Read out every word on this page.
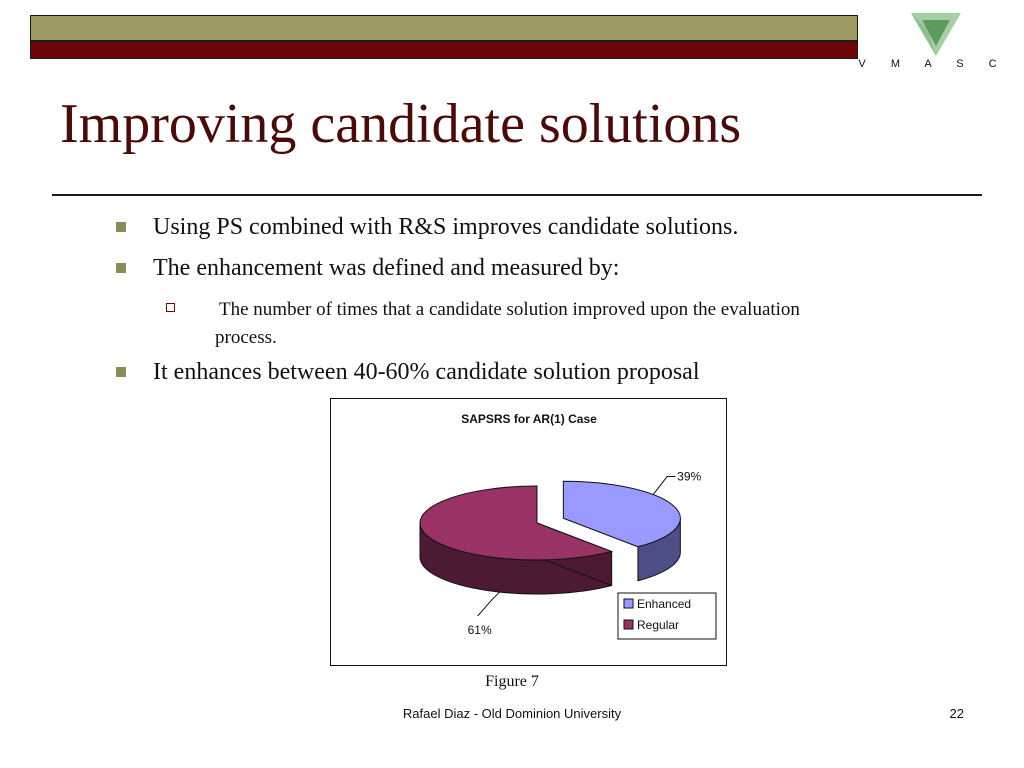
V M A S C
Improving candidate solutions
Using PS combined with R&S improves candidate solutions.
The enhancement was defined and measured by:
The number of times that a candidate solution improved upon the evaluation
process.
It enhances between 40-60% candidate solution proposal
SAPSRS for AR(1) Case
39%
61%
Enhanced
Regular
Figure 7
Rafael Diaz - Old Dominion University	22
